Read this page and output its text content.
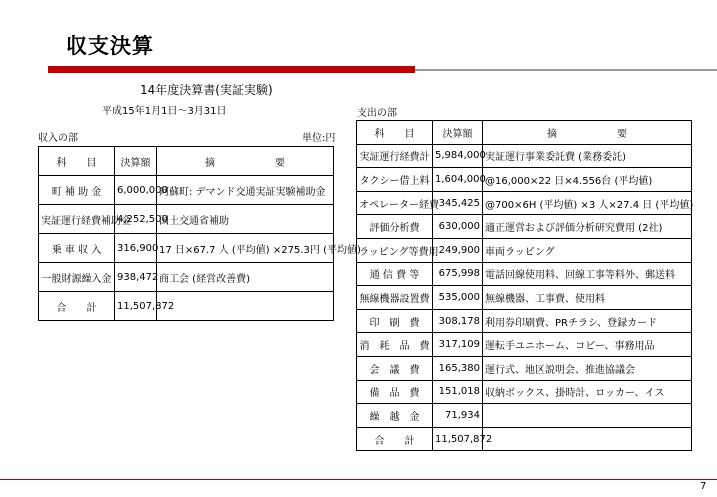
収支決算
14年度決算書(実証実験)
平成15年1月1日～3月31日
収入の部	単位:円
支出の部
科　　目	決算額	摘　　　　　　要
町 補 助 金	6,000,000	阿蘇町: デマンド交通実証実験補助金
実証運行経費補助金	4,252,500	国土交通省補助
乗 車 収 入	316,900	17 日×67.7 人 (平均値) ×275.3円 (平均値)
一般財源繰入金	938,472	商工会 (経営改善費)
合　　計	11,507,872	
科　　目	決算額	摘　　　　　　要
実証運行経費計	5,984,000	実証運行事業委託費 (業務委託)
タクシー借上料	1,604,000	@16,000×22 日×4.556台 (平均値)
オペレーター経費	345,425	@700×6H (平均値) ×3 人×27.4 日 (平均値)
評価分析費	630,000	適正運営および評価分析研究費用 (2社)
ラッピング等費用	249,900	車両ラッピング
通 信 費 等	675,998	電話回線使用料、回線工事等料外、郵送料
無線機器設置費	535,000	無線機器、工事費、使用料
印　刷　費	308,178	利用券印刷費、PRチラシ、登録カード
消　耗　品　費	317,109	運転手ユニホーム、コピー、事務用品
会　議　費	165,380	運行式、地区説明会、推進協議会
備　品　費	151,018	収納ボックス、掛時計、ロッカー、イス
繰　越　金	71,934	
合　　計	11,507,872	
7
